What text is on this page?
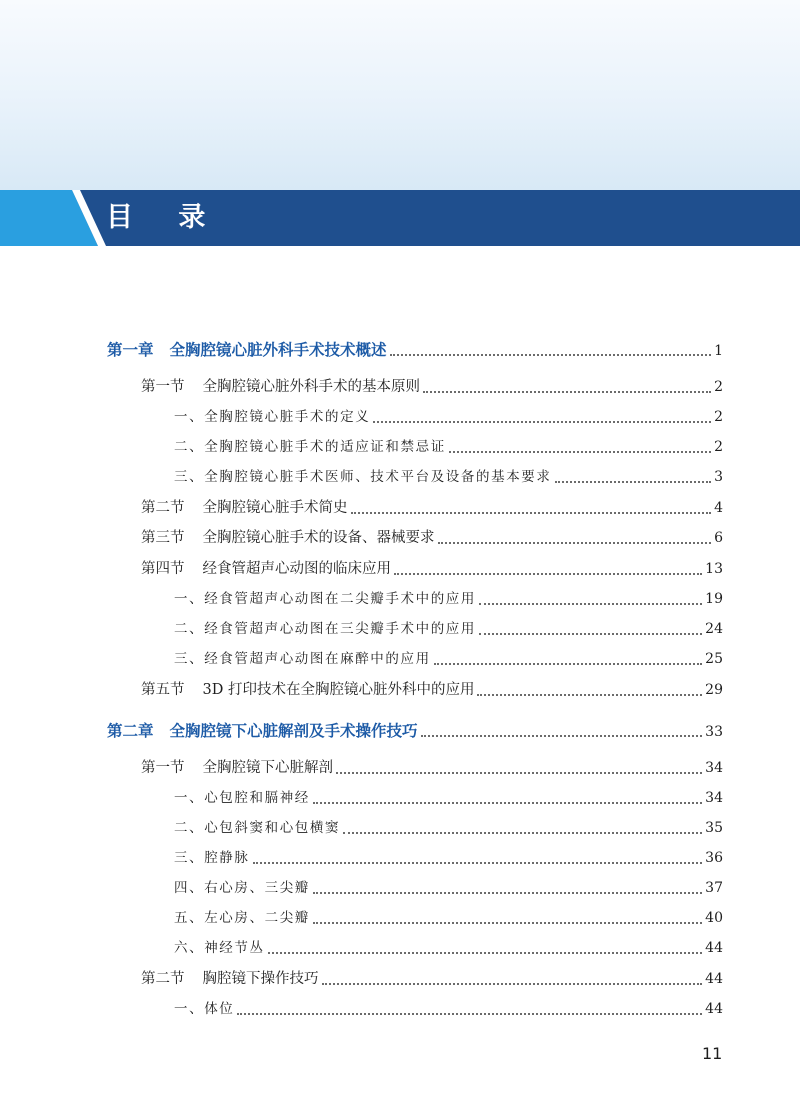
目 录
第一章 全胸腔镜心脏外科手术技术概述	1
第一节 全胸腔镜心脏外科手术的基本原则	2
一、全胸腔镜心脏手术的定义	2
二、全胸腔镜心脏手术的适应证和禁忌证	2
三、全胸腔镜心脏手术医师、技术平台及设备的基本要求	3
第二节 全胸腔镜心脏手术简史	4
第三节 全胸腔镜心脏手术的设备、器械要求	6
第四节 经食管超声心动图的临床应用	13
一、经食管超声心动图在二尖瓣手术中的应用	19
二、经食管超声心动图在三尖瓣手术中的应用	24
三、经食管超声心动图在麻醉中的应用	25
第五节 3D 打印技术在全胸腔镜心脏外科中的应用	29
第二章 全胸腔镜下心脏解剖及手术操作技巧	33
第一节 全胸腔镜下心脏解剖	34
一、心包腔和膈神经	34
二、心包斜窦和心包横窦	35
三、腔静脉	36
四、右心房、三尖瓣	37
五、左心房、二尖瓣	40
六、神经节丛	44
第二节 胸腔镜下操作技巧	44
一、体位	44
11
